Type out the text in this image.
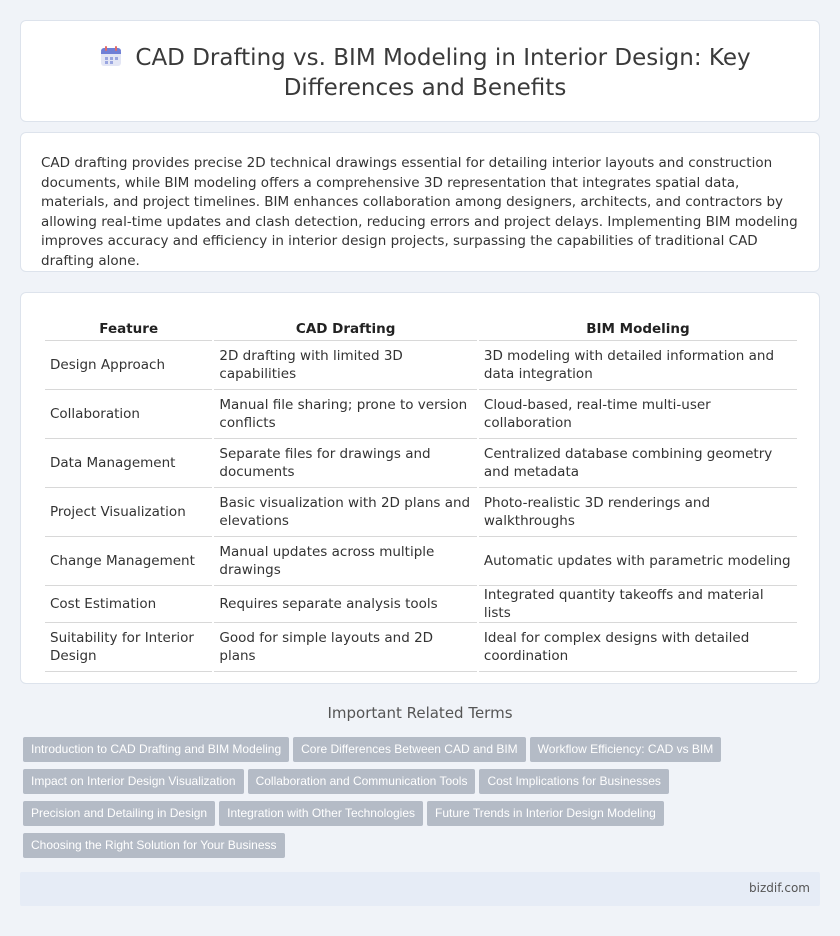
CAD Drafting vs. BIM Modeling in Interior Design: Key Differences and Benefits

CAD drafting provides precise 2D technical drawings essential for detailing interior layouts and construction documents, while BIM modeling offers a comprehensive 3D representation that integrates spatial data, materials, and project timelines. BIM enhances collaboration among designers, architects, and contractors by allowing real-time updates and clash detection, reducing errors and project delays. Implementing BIM modeling improves accuracy and efficiency in interior design projects, surpassing the capabilities of traditional CAD drafting alone.

Feature	CAD Drafting	BIM Modeling
Design Approach	2D drafting with limited 3D capabilities	3D modeling with detailed information and data integration
Collaboration	Manual file sharing; prone to version conflicts	Cloud-based, real-time multi-user collaboration
Data Management	Separate files for drawings and documents	Centralized database combining geometry and metadata
Project Visualization	Basic visualization with 2D plans and elevations	Photo-realistic 3D renderings and walkthroughs
Change Management	Manual updates across multiple drawings	Automatic updates with parametric modeling
Cost Estimation	Requires separate analysis tools	Integrated quantity takeoffs and material lists
Suitability for Interior Design	Good for simple layouts and 2D plans	Ideal for complex designs with detailed coordination
Important Related Terms
Introduction to CAD Drafting and BIM Modeling Core Differences Between CAD and BIM Workflow Efficiency: CAD vs BIM
Impact on Interior Design Visualization Collaboration and Communication Tools Cost Implications for Businesses
Precision and Detailing in Design Integration with Other Technologies Future Trends in Interior Design Modeling
Choosing the Right Solution for Your Business
bizdif.com
